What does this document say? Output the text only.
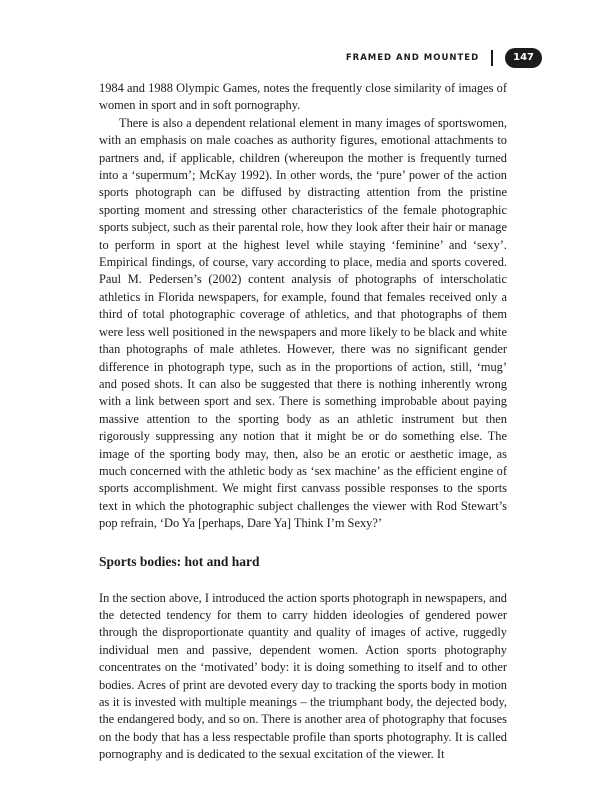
FRAMED AND MOUNTED	147

1984 and 1988 Olympic Games, notes the frequently close similarity of images of women in sport and in soft pornography.

There is also a dependent relational element in many images of sportswomen, with an emphasis on male coaches as authority figures, emotional attachments to partners and, if applicable, children (whereupon the mother is frequently turned into a ‘supermum’; McKay 1992). In other words, the ‘pure’ power of the action sports photograph can be diffused by distracting attention from the pristine sporting moment and stressing other characteristics of the female photographic sports subject, such as their parental role, how they look after their hair or manage to perform in sport at the highest level while staying ‘feminine’ and ‘sexy’. Empirical findings, of course, vary according to place, media and sports covered. Paul M. Pedersen’s (2002) content analysis of photographs of interscholatic athletics in Florida newspapers, for example, found that females received only a third of total photographic coverage of athletics, and that photographs of them were less well positioned in the newspapers and more likely to be black and white than photographs of male athletes. However, there was no significant gender difference in photograph type, such as in the proportions of action, still, ‘mug’ and posed shots. It can also be suggested that there is nothing inherently wrong with a link between sport and sex. There is something improbable about paying massive attention to the sporting body as an athletic instrument but then rigorously suppressing any notion that it might be or do something else. The image of the sporting body may, then, also be an erotic or aesthetic image, as much concerned with the athletic body as ‘sex machine’ as the efficient engine of sports accomplishment. We might first canvass possible responses to the sports text in which the photographic subject challenges the viewer with Rod Stewart’s pop refrain, ‘Do Ya [perhaps, Dare Ya] Think I’m Sexy?’

Sports bodies: hot and hard

In the section above, I introduced the action sports photograph in newspapers, and the detected tendency for them to carry hidden ideologies of gendered power through the disproportionate quantity and quality of images of active, ruggedly individual men and passive, dependent women. Action sports photography concentrates on the ‘motivated’ body: it is doing something to itself and to other bodies. Acres of print are devoted every day to tracking the sports body in motion as it is invested with multiple meanings – the triumphant body, the dejected body, the endangered body, and so on. There is another area of photography that focuses on the body that has a less respectable profile than sports photography. It is called pornography and is dedicated to the sexual excitation of the viewer. It
